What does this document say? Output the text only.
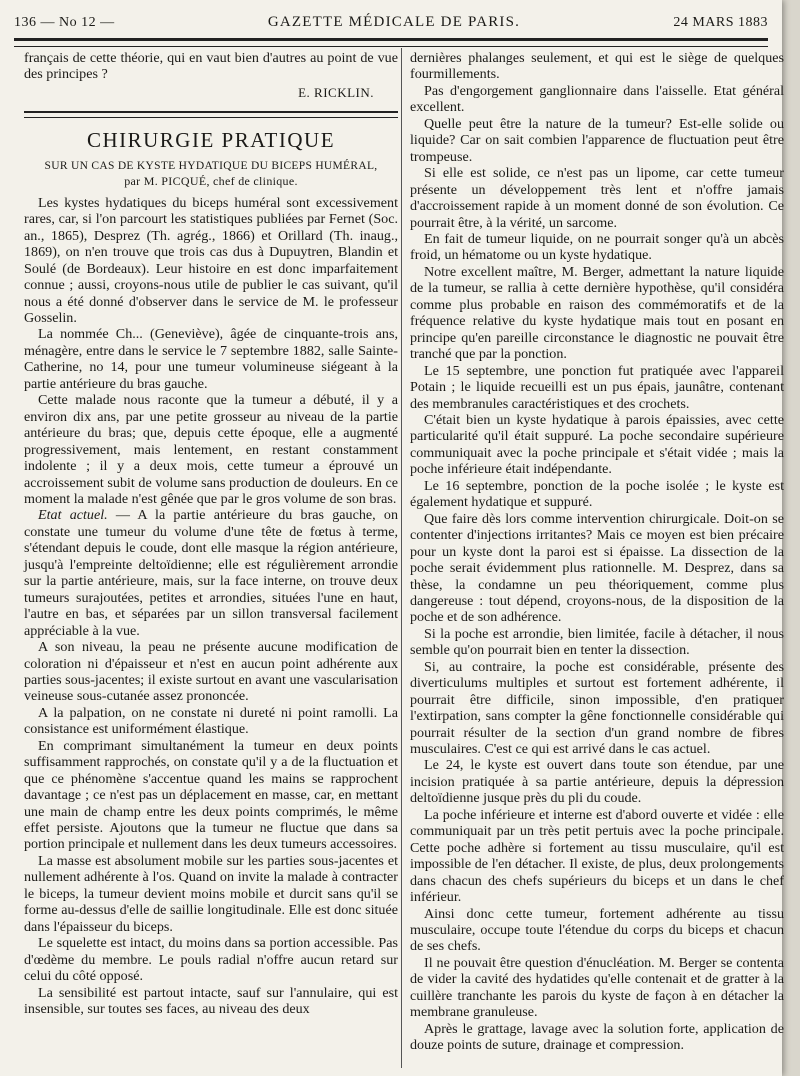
136 — No 12 —	GAZETTE MÉDICALE DE PARIS.	24 MARS 1883

français de cette théorie, qui en vaut bien d'autres au point de vue des principes ?

E. RICKLIN.
CHIRURGIE PRATIQUE
SUR UN CAS DE KYSTE HYDATIQUE DU BICEPS HUMÉRAL,
par M. PICQUÉ, chef de clinique.

Les kystes hydatiques du biceps huméral sont excessivement rares, car, si l'on parcourt les statistiques publiées par Fernet (Soc. an., 1865), Desprez (Th. agrég., 1866) et Orillard (Th. inaug., 1869), on n'en trouve que trois cas dus à Dupuytren, Blandin et Soulé (de Bordeaux). Leur histoire en est donc imparfaitement connue ; aussi, croyons-nous utile de publier le cas suivant, qu'il nous a été donné d'observer dans le service de M. le professeur Gosselin.

La nommée Ch... (Geneviève), âgée de cinquante-trois ans, ménagère, entre dans le service le 7 septembre 1882, salle Sainte-Catherine, no 14, pour une tumeur volumineuse siégeant à la partie antérieure du bras gauche.

Cette malade nous raconte que la tumeur a débuté, il y a environ dix ans, par une petite grosseur au niveau de la partie antérieure du bras; que, depuis cette époque, elle a augmenté progressivement, mais lentement, en restant constamment indolente ; il y a deux mois, cette tumeur a éprouvé un accroissement subit de volume sans production de douleurs. En ce moment la malade n'est gênée que par le gros volume de son bras.

Etat actuel. — A la partie antérieure du bras gauche, on constate une tumeur du volume d'une tête de fœtus à terme, s'étendant depuis le coude, dont elle masque la région antérieure, jusqu'à l'empreinte deltoïdienne; elle est régulièrement arrondie sur la partie antérieure, mais, sur la face interne, on trouve deux tumeurs surajoutées, petites et arrondies, situées l'une en haut, l'autre en bas, et séparées par un sillon transversal facilement appréciable à la vue.

A son niveau, la peau ne présente aucune modification de coloration ni d'épaisseur et n'est en aucun point adhérente aux parties sous-jacentes; il existe surtout en avant une vascularisation veineuse sous-cutanée assez prononcée.

A la palpation, on ne constate ni dureté ni point ramolli. La consistance est uniformément élastique.

En comprimant simultanément la tumeur en deux points suffisamment rapprochés, on constate qu'il y a de la fluctuation et que ce phénomène s'accentue quand les mains se rapprochent davantage ; ce n'est pas un déplacement en masse, car, en mettant une main de champ entre les deux points comprimés, le même effet persiste. Ajoutons que la tumeur ne fluctue que dans sa portion principale et nullement dans les deux tumeurs accessoires.

La masse est absolument mobile sur les parties sous-jacentes et nullement adhérente à l'os. Quand on invite la malade à contracter le biceps, la tumeur devient moins mobile et durcit sans qu'il se forme au-dessus d'elle de saillie longitudinale. Elle est donc située dans l'épaisseur du biceps.

Le squelette est intact, du moins dans sa portion accessible. Pas d'œdème du membre. Le pouls radial n'offre aucun retard sur celui du côté opposé.

La sensibilité est partout intacte, sauf sur l'annulaire, qui est insensible, sur toutes ses faces, au niveau des deux

dernières phalanges seulement, et qui est le siège de quelques fourmillements.

Pas d'engorgement ganglionnaire dans l'aisselle. Etat général excellent.

Quelle peut être la nature de la tumeur? Est-elle solide ou liquide? Car on sait combien l'apparence de fluctuation peut être trompeuse.

Si elle est solide, ce n'est pas un lipome, car cette tumeur présente un développement très lent et n'offre jamais d'accroissement rapide à un moment donné de son évolution. Ce pourrait être, à la vérité, un sarcome.

En fait de tumeur liquide, on ne pourrait songer qu'à un abcès froid, un hématome ou un kyste hydatique.

Notre excellent maître, M. Berger, admettant la nature liquide de la tumeur, se rallia à cette dernière hypothèse, qu'il considéra comme plus probable en raison des commémoratifs et de la fréquence relative du kyste hydatique mais tout en posant en principe qu'en pareille circonstance le diagnostic ne pouvait être tranché que par la ponction.

Le 15 septembre, une ponction fut pratiquée avec l'appareil Potain ; le liquide recueilli est un pus épais, jaunâtre, contenant des membranules caractéristiques et des crochets.

C'était bien un kyste hydatique à parois épaissies, avec cette particularité qu'il était suppuré. La poche secondaire supérieure communiquait avec la poche principale et s'était vidée ; mais la poche inférieure était indépendante.

Le 16 septembre, ponction de la poche isolée ; le kyste est également hydatique et suppuré.

Que faire dès lors comme intervention chirurgicale. Doit-on se contenter d'injections irritantes? Mais ce moyen est bien précaire pour un kyste dont la paroi est si épaisse. La dissection de la poche serait évidemment plus rationnelle. M. Desprez, dans sa thèse, la condamne un peu théoriquement, comme plus dangereuse : tout dépend, croyons-nous, de la disposition de la poche et de son adhérence.

Si la poche est arrondie, bien limitée, facile à détacher, il nous semble qu'on pourrait bien en tenter la dissection.

Si, au contraire, la poche est considérable, présente des diverticulums multiples et surtout est fortement adhérente, il pourrait être difficile, sinon impossible, d'en pratiquer l'extirpation, sans compter la gêne fonctionnelle considérable qui pourrait résulter de la section d'un grand nombre de fibres musculaires. C'est ce qui est arrivé dans le cas actuel.

Le 24, le kyste est ouvert dans toute son étendue, par une incision pratiquée à sa partie antérieure, depuis la dépression deltoïdienne jusque près du pli du coude.

La poche inférieure et interne est d'abord ouverte et vidée : elle communiquait par un très petit pertuis avec la poche principale. Cette poche adhère si fortement au tissu musculaire, qu'il est impossible de l'en détacher. Il existe, de plus, deux prolongements dans chacun des chefs supérieurs du biceps et un dans le chef inférieur.

Ainsi donc cette tumeur, fortement adhérente au tissu musculaire, occupe toute l'étendue du corps du biceps et chacun de ses chefs.

Il ne pouvait être question d'énucléation. M. Berger se contenta de vider la cavité des hydatides qu'elle contenait et de gratter à la cuillère tranchante les parois du kyste de façon à en détacher la membrane granuleuse.

Après le grattage, lavage avec la solution forte, application de douze points de suture, drainage et compression.
